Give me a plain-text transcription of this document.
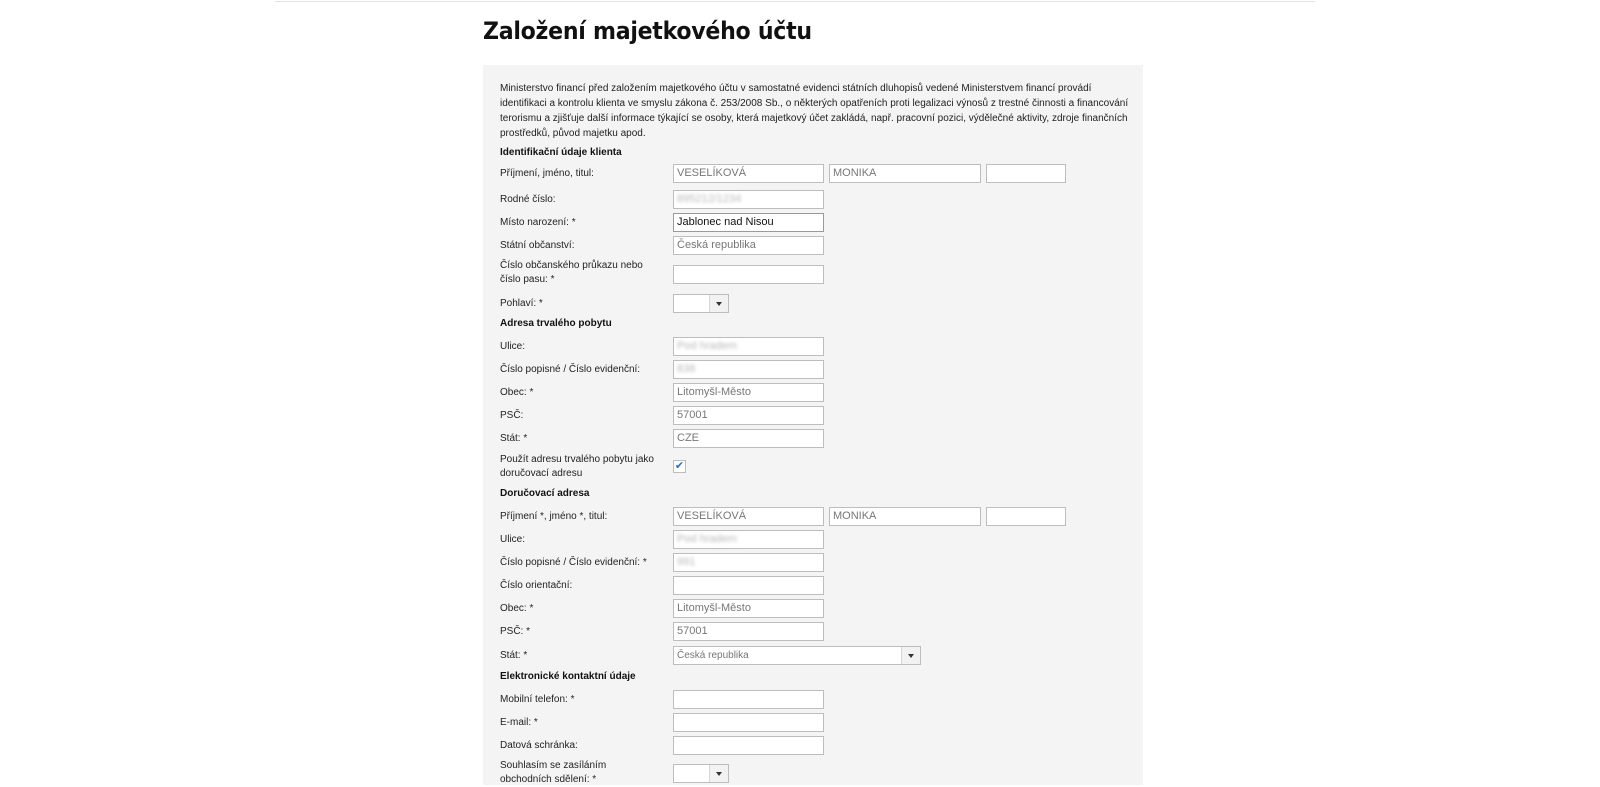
Založení majetkového účtu

Ministerstvo financí před založením majetkového účtu v samostatné evidenci státních dluhopisů vedené Ministerstvem financí provádí identifikaci a kontrolu klienta ve smyslu zákona č. 253/2008 Sb., o některých opatřeních proti legalizaci výnosů z trestné činnosti a financování terorismu a zjišťuje další informace týkající se osoby, která majetkový účet zakládá, např. pracovní pozici, výdělečné aktivity, zdroje finančních prostředků, původ majetku apod.

Identifikační údaje klienta
Příjmení, jméno, titul:	VESELÍKOVÁ	MONIKA
Rodné číslo:	895212/1234
Místo narození: *	Jablonec nad Nisou
Státní občanství:	Česká republika
Číslo občanského průkazu nebo číslo pasu: *
Pohlaví: *
Adresa trvalého pobytu
Ulice:	Pod hradem
Číslo popisné / Číslo evidenční:	838
Obec: *	Litomyšl-Město
PSČ:	57001
Stát: *	CZE
Použít adresu trvalého pobytu jako doručovací adresu
✔
Doručovací adresa
Příjmení *, jméno *, titul:	VESELÍKOVÁ	MONIKA
Ulice:	Pod hradem
Číslo popisné / Číslo evidenční: *	991
Číslo orientační:
Obec: *	Litomyšl-Město
PSČ: *	57001
Stát: *	Česká republika
Elektronické kontaktní údaje
Mobilní telefon: *
E-mail: *
Datová schránka:
Souhlasím se zasíláním obchodních sdělení: *
